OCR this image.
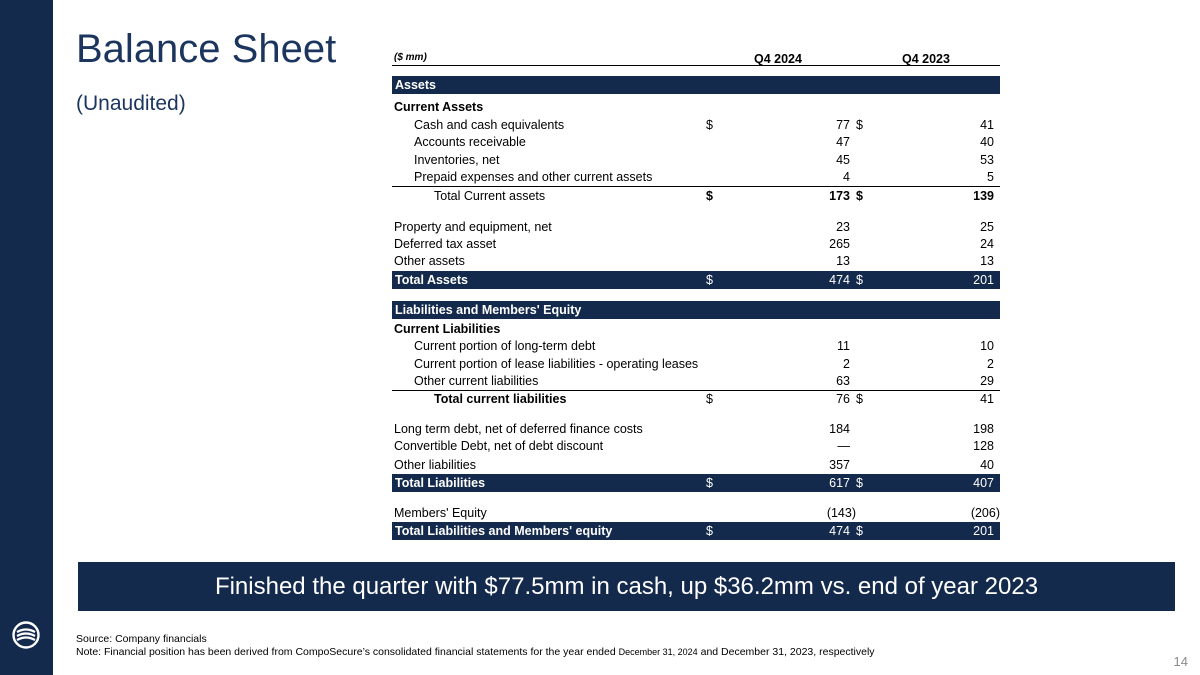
Balance Sheet
(Unaudited)
($ mm)	Q4 2024	Q4 2023
Assets
Current Assets
Cash and cash equivalents	$	77 $	41
Accounts receivable	47	40
Inventories, net	45	53
Prepaid expenses and other current assets	4	5
Total Current assets	$	173 $	139
Property and equipment, net	23	25
Deferred tax asset	265	24
Other assets	13	13
Total Assets	$	474 $	201
Liabilities and Members' Equity
Current Liabilities
Current portion of long-term debt	11	10
Current portion of lease liabilities - operating leases	2	2
Other current liabilities	63	29
Total current liabilities	$	76 $	41
Long term debt, net of deferred finance costs	184	198
Convertible Debt, net of debt discount	—	128
Other liabilities	357	40
Total Liabilities	$	617 $	407
Members' Equity	(143)	(206)
Total Liabilities and Members' equity	$	474 $	201
Finished the quarter with $77.5mm in cash, up $36.2mm vs. end of year 2023
Source: Company financials
Note: Financial position has been derived from CompoSecure’s consolidated financial statements for the year ended December 31, 2024 and December 31, 2023, respectively
14
